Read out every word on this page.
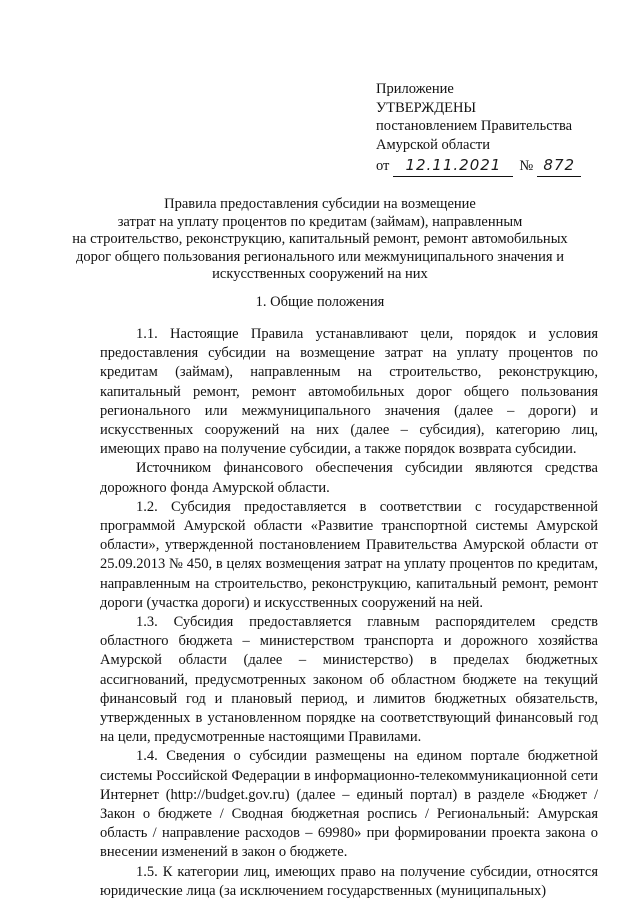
Приложение
УТВЕРЖДЕНЫ
постановлением Правительства
Амурской области
от 12.11.2021 № 872
Правила предоставления субсидии на возмещение
затрат на уплату процентов по кредитам (займам), направленным
на строительство, реконструкцию, капитальный ремонт, ремонт автомобильных
дорог общего пользования регионального или межмуниципального значения и
искусственных сооружений на них
1. Общие положения

1.1. Настоящие Правила устанавливают цели, порядок и условия предоставления субсидии на возмещение затрат на уплату процентов по кредитам (займам), направленным на строительство, реконструкцию, капитальный ремонт, ремонт автомобильных дорог общего пользования регионального или межмуниципального значения (далее – дороги) и искусственных сооружений на них (далее – субсидия), категорию лиц, имеющих право на получение субсидии, а также порядок возврата субсидии.

Источником финансового обеспечения субсидии являются средства дорожного фонда Амурской области.

1.2. Субсидия предоставляется в соответствии с государственной программой Амурской области «Развитие транспортной системы Амурской области», утвержденной постановлением Правительства Амурской области от 25.09.2013 № 450, в целях возмещения затрат на уплату процентов по кредитам, направленным на строительство, реконструкцию, капитальный ремонт, ремонт дороги (участка дороги) и искусственных сооружений на ней.

1.3. Субсидия предоставляется главным распорядителем средств областного бюджета – министерством транспорта и дорожного хозяйства Амурской области (далее – министерство) в пределах бюджетных ассигнований, предусмотренных законом об областном бюджете на текущий финансовый год и плановый период, и лимитов бюджетных обязательств, утвержденных в установленном порядке на соответствующий финансовый год на цели, предусмотренные настоящими Правилами.

1.4. Сведения о субсидии размещены на едином портале бюджетной системы Российской Федерации в информационно-телекоммуникационной сети Интернет (http://budget.gov.ru) (далее – единый портал) в разделе «Бюджет / Закон о бюджете / Сводная бюджетная роспись / Региональный: Амурская область / направление расходов – 69980» при формировании проекта закона о внесении изменений в закон о бюджете.

1.5. К категории лиц, имеющих право на получение субсидии, относятся юридические лица (за исключением государственных (муниципальных)
